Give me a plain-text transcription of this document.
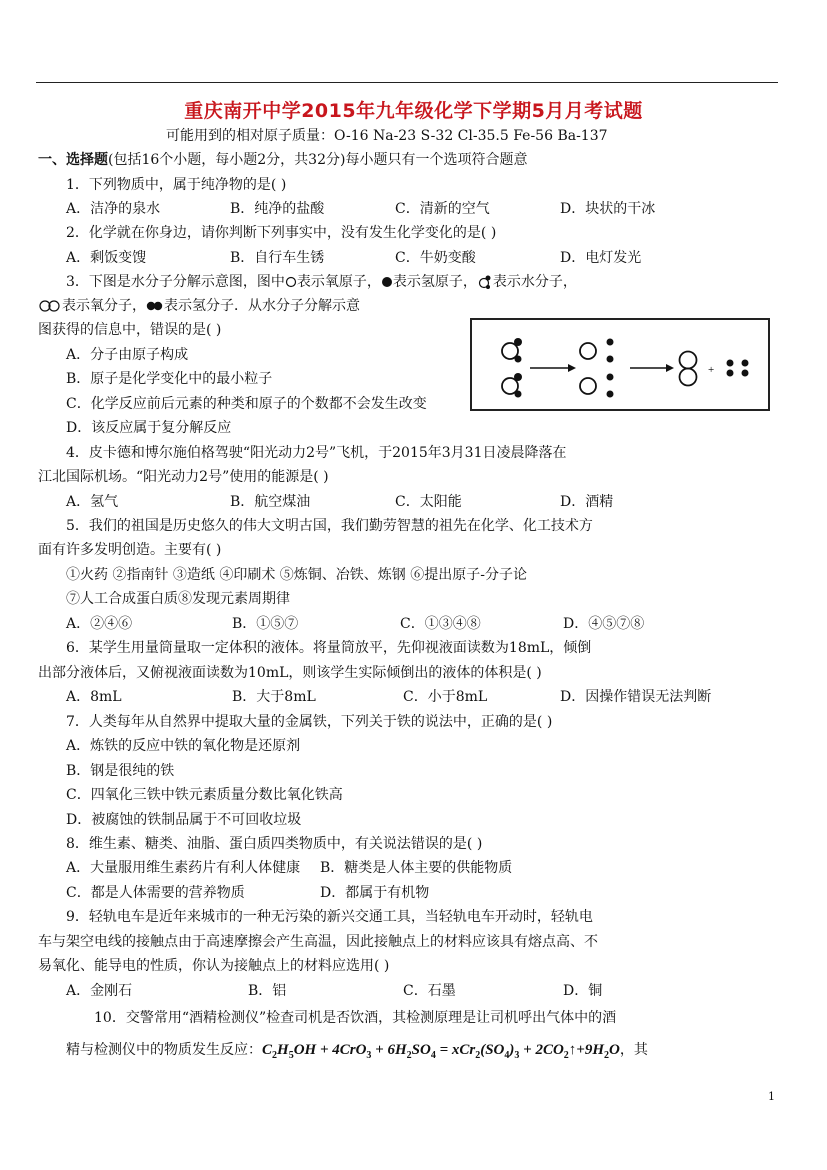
重庆南开中学2015年九年级化学下学期5月月考试题
可能用到的相对原子质量：O-16 Na-23 S-32 Cl-35.5 Fe-56 Ba-137
一、选择题(包括16个小题，每小题2分，共32分)每小题只有一个选项符合题意
1．下列物质中，属于纯净物的是( )
A．洁净的泉水	B．纯净的盐酸	C．清新的空气	D．块状的干冰
2．化学就在你身边，请你判断下列事实中，没有发生化学变化的是( )
A．剩饭变馊	B．自行车生锈	C．牛奶变酸	D．电灯发光
3．下图是水分子分解示意图，图中 表示氧原子， 表示氢原子， 表示水分子，
表示氧分子， 表示氢分子．从水分子分解示意
图获得的信息中，错误的是( )
A．分子由原子构成
B．原子是化学变化中的最小粒子
C．化学反应前后元素的种类和原子的个数都不会发生改变
D．该反应属于复分解反应
+
4．皮卡德和博尔施伯格驾驶“阳光动力2号”飞机，于2015年3月31日凌晨降落在
江北国际机场。“阳光动力2号”使用的能源是( )
A．氢气	B．航空煤油	C．太阳能	D．酒精
5．我们的祖国是历史悠久的伟大文明古国，我们勤劳智慧的祖先在化学、化工技术方
面有许多发明创造。主要有( )
①火药 ②指南针 ③造纸 ④印刷术 ⑤炼铜、冶铁、炼钢 ⑥提出原子-分子论
⑦人工合成蛋白质⑧发现元素周期律
A．②④⑥	B．①⑤⑦	C．①③④⑧	D．④⑤⑦⑧
6．某学生用量筒量取一定体积的液体。将量筒放平，先仰视液面读数为18mL，倾倒
出部分液体后，又俯视液面读数为10mL，则该学生实际倾倒出的液体的体积是( )
A．8mL	B．大于8mL	C．小于8mL	D．因操作错误无法判断
7．人类每年从自然界中提取大量的金属铁，下列关于铁的说法中，正确的是( )
A．炼铁的反应中铁的氧化物是还原剂
B．钢是很纯的铁
C．四氧化三铁中铁元素质量分数比氧化铁高
D．被腐蚀的铁制品属于不可回收垃圾
8．维生素、糖类、油脂、蛋白质四类物质中，有关说法错误的是( )
A．大量服用维生素药片有利人体健康 B．糖类是人体主要的供能物质
C．都是人体需要的营养物质	D．都属于有机物
9．轻轨电车是近年来城市的一种无污染的新兴交通工具，当轻轨电车开动时，轻轨电
车与架空电线的接触点由于高速摩擦会产生高温，因此接触点上的材料应该具有熔点高、不
易氧化、能导电的性质，你认为接触点上的材料应选用( )
A．金刚石	B．铝	C．石墨	D．铜
10．交警常用“酒精检测仪”检查司机是否饮酒，其检测原理是让司机呼出气体中的酒
精与检测仪中的物质发生反应：$C_2H_5OH + 4CrO_3 + 6H_2SO_4 = xCr_2(SO_4)_3$ + $2CO_2↑+9H_2O$，其
1
